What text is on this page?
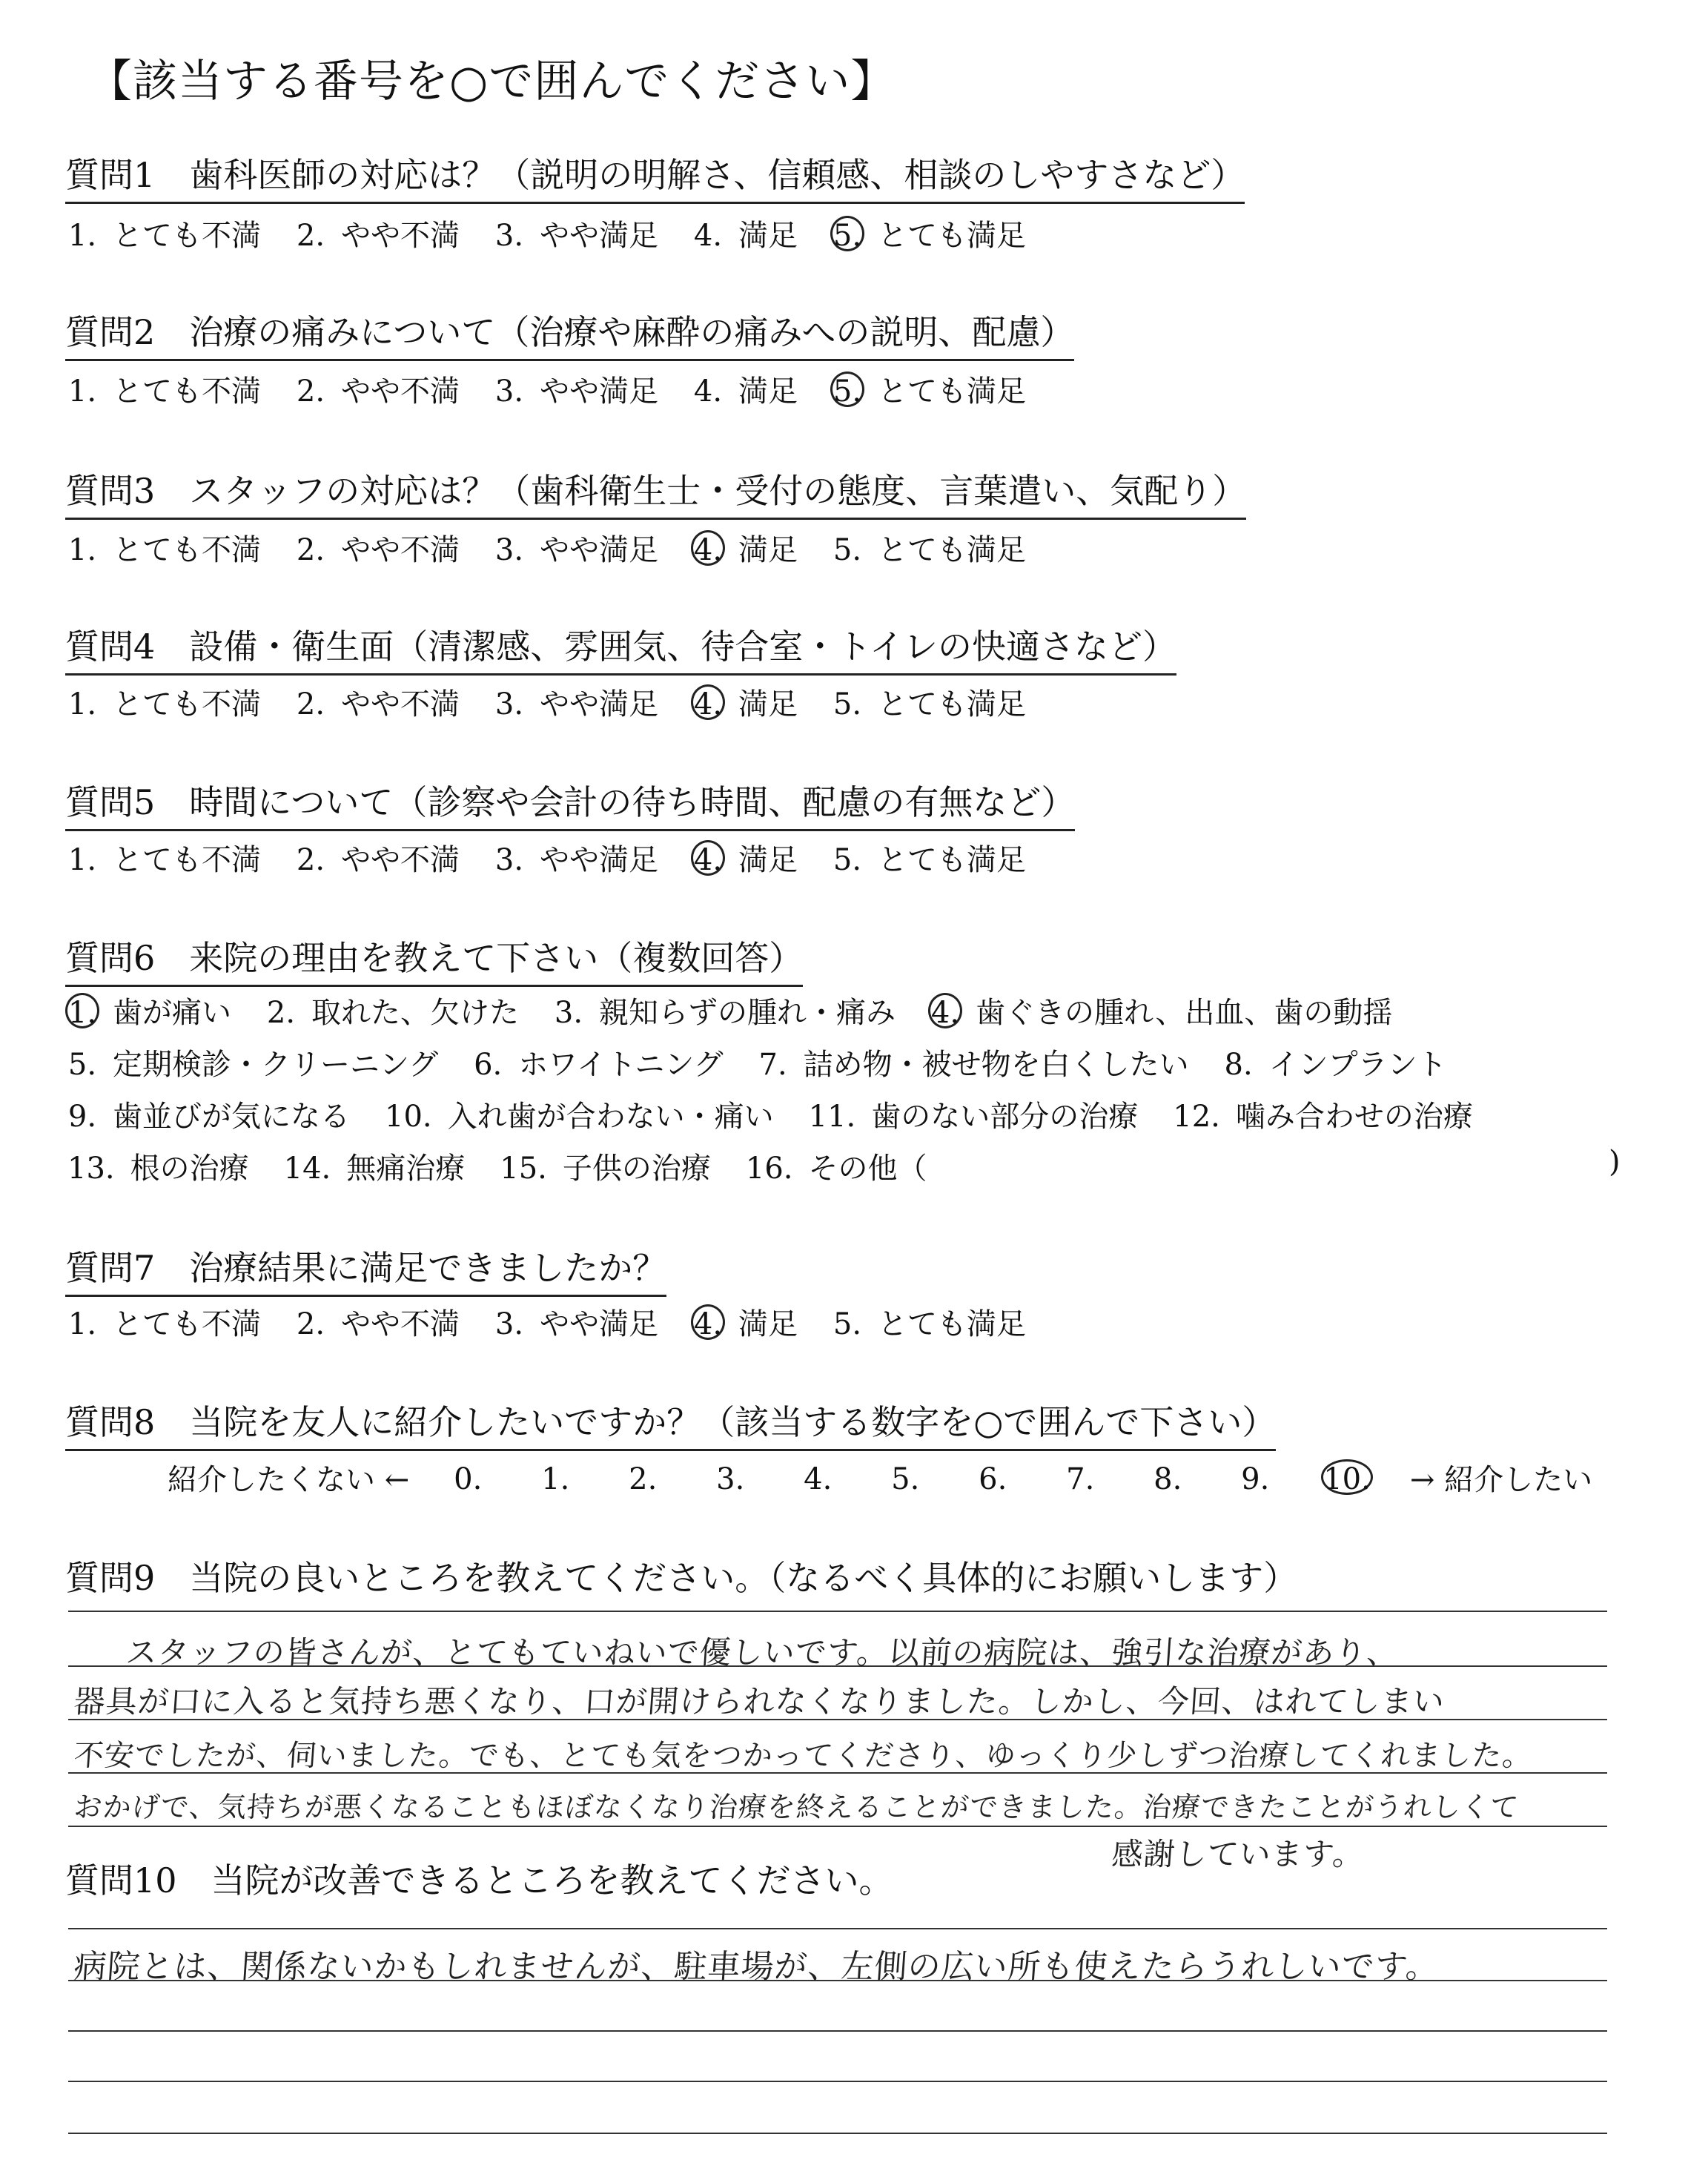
【該当する番号を○で囲んでください】
質問1　歯科医師の対応は？（説明の明解さ、信頼感、相談のしやすさなど）
1. とても不満 2. やや不満 3. やや満足 4. 満足 5. とても満足
質問2　治療の痛みについて（治療や麻酔の痛みへの説明、配慮）
1. とても不満 2. やや不満 3. やや満足 4. 満足 5. とても満足
質問3　スタッフの対応は？（歯科衛生士・受付の態度、言葉遣い、気配り）
1. とても不満 2. やや不満 3. やや満足 4. 満足 5. とても満足
質問4　設備・衛生面（清潔感、雰囲気、待合室・トイレの快適さなど）
1. とても不満 2. やや不満 3. やや満足 4. 満足 5. とても満足
質問5　時間について（診察や会計の待ち時間、配慮の有無など）
1. とても不満 2. やや不満 3. やや満足 4. 満足 5. とても満足
質問6　来院の理由を教えて下さい（複数回答）
1. 歯が痛い 2. 取れた、欠けた 3. 親知らずの腫れ・痛み 4. 歯ぐきの腫れ、出血、歯の動揺
5. 定期検診・クリーニング 6. ホワイトニング 7. 詰め物・被せ物を白くしたい 8. インプラント
9. 歯並びが気になる 10. 入れ歯が合わない・痛い 11. 歯のない部分の治療 12. 噛み合わせの治療
13. 根の治療 14. 無痛治療 15. 子供の治療 16. その他（	)
質問7　治療結果に満足できましたか？
1. とても不満 2. やや不満 3. やや満足 4. 満足 5. とても満足
質問8　当院を友人に紹介したいですか？（該当する数字を○で囲んで下さい）
紹介したくない ← 0. 1. 2. 3. 4. 5. 6. 7. 8. 9. 10. → 紹介したい
質問9　当院の良いところを教えてください。（なるべく具体的にお願いします）
スタッフの皆さんが、とてもていねいで優しいです。以前の病院は、強引な治療があり、
器具が口に入ると気持ち悪くなり、口が開けられなくなりました。しかし、今回、はれてしまい
不安でしたが、伺いました。でも、とても気をつかってくださり、ゆっくり少しずつ治療してくれました。
おかげで、気持ちが悪くなることもほぼなくなり治療を終えることができました。治療できたことがうれしくて
感謝しています。
質問10　当院が改善できるところを教えてください。
病院とは、関係ないかもしれませんが、駐車場が、左側の広い所も使えたらうれしいです。
